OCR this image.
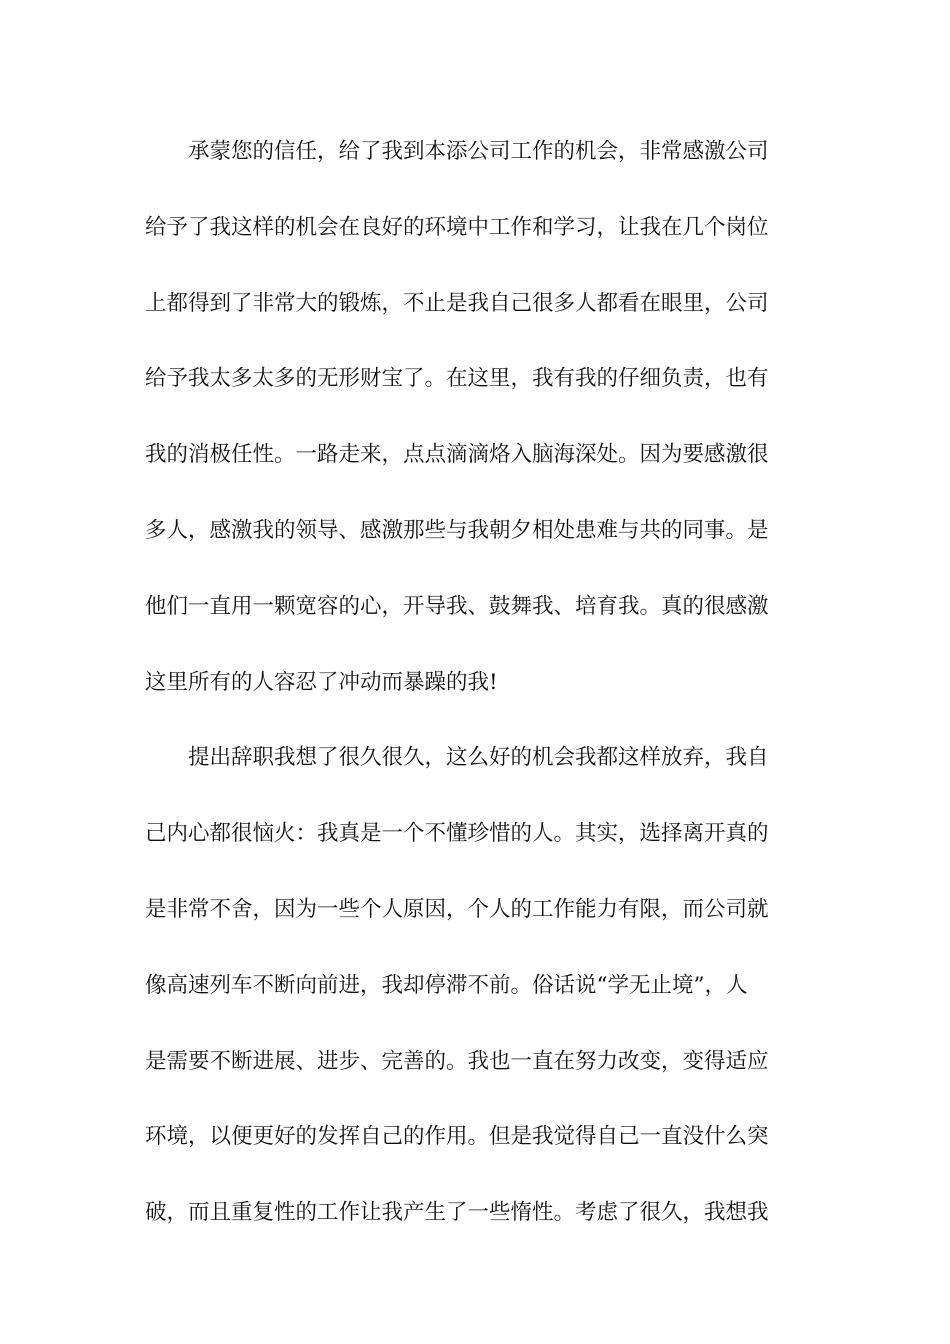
承蒙您的信任，给了我到本添公司工作的机会，非常感激公司
给予了我这样的机会在良好的环境中工作和学习，让我在几个岗位
上都得到了非常大的锻炼，不止是我自己很多人都看在眼里，公司
给予我太多太多的无形财宝了。在这里，我有我的仔细负责，也有
我的消极任性。一路走来，点点滴滴烙入脑海深处。因为要感激很
多人，感激我的领导、感激那些与我朝夕相处患难与共的同事。是
他们一直用一颗宽容的心，开导我、鼓舞我、培育我。真的很感激
这里所有的人容忍了冲动而暴躁的我!
提出辞职我想了很久很久，这么好的机会我都这样放弃，我自
己内心都很恼火：我真是一个不懂珍惜的人。其实，选择离开真的
是非常不舍，因为一些个人原因，个人的工作能力有限，而公司就
像高速列车不断向前进，我却停滞不前。俗话说“学无止境”，人
是需要不断进展、进步、完善的。我也一直在努力改变，变得适应
环境，以便更好的发挥自己的作用。但是我觉得自己一直没什么突
破，而且重复性的工作让我产生了一些惰性。考虑了很久，我想我
